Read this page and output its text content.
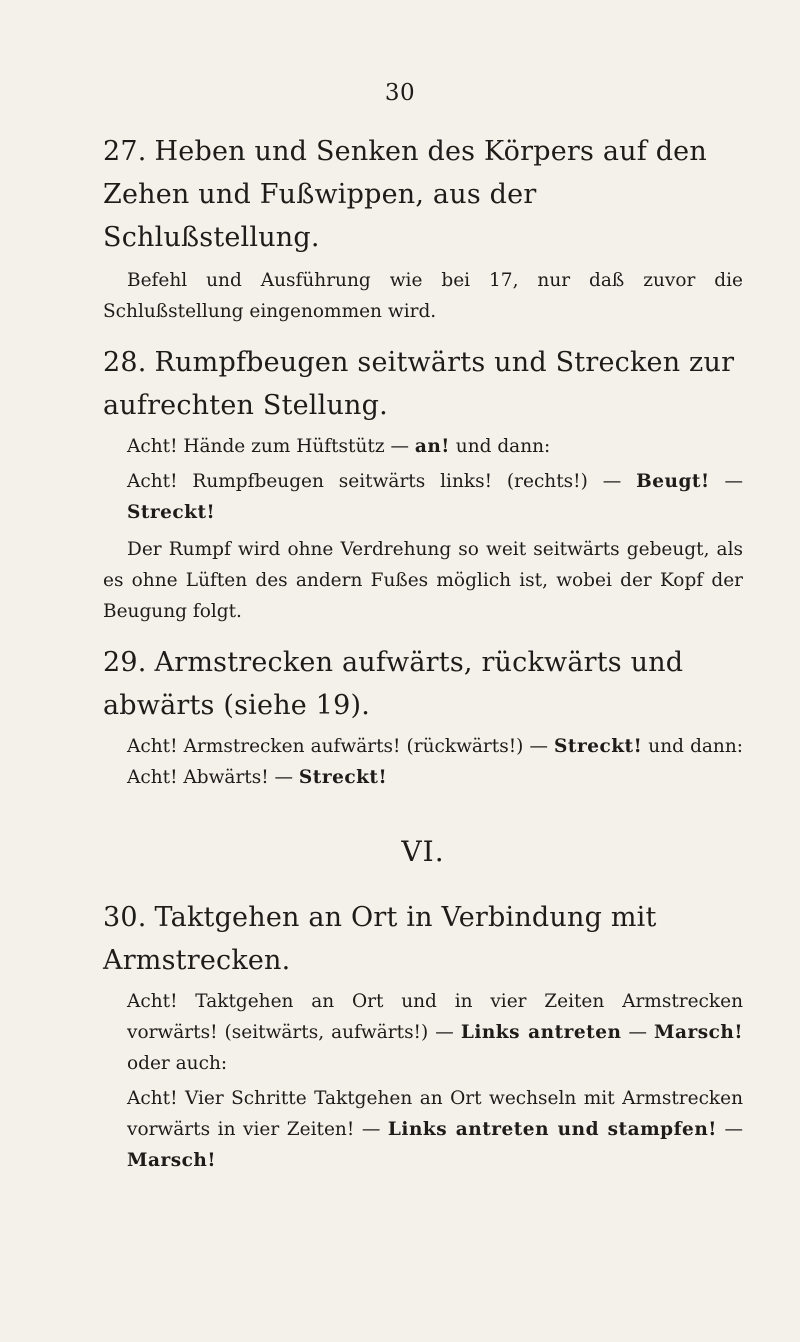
30
27. Heben und Senken des Körpers auf den Zehen und Fußwippen, aus der Schlußstellung.

Befehl und Ausführung wie bei 17, nur daß zuvor die Schlußstellung eingenommen wird.

28. Rumpfbeugen seitwärts und Strecken zur aufrechten Stellung.

Acht! Hände zum Hüftstütz — an! und dann:

Acht! Rumpfbeugen seitwärts links! (rechts!) — Beugt! — Streckt!

Der Rumpf wird ohne Verdrehung so weit seitwärts gebeugt, als es ohne Lüften des andern Fußes möglich ist, wobei der Kopf der Beugung folgt.

29. Armstrecken aufwärts, rückwärts und abwärts (siehe 19).

Acht! Armstrecken aufwärts! (rückwärts!) — Streckt! und dann: Acht! Abwärts! — Streckt!

VI.
30. Taktgehen an Ort in Verbindung mit Armstrecken.

Acht! Taktgehen an Ort und in vier Zeiten Armstrecken vorwärts! (seitwärts, aufwärts!) — Links antreten — Marsch! oder auch:

Acht! Vier Schritte Taktgehen an Ort wechseln mit Armstrecken vorwärts in vier Zeiten! — Links antreten und stampfen! — Marsch!
